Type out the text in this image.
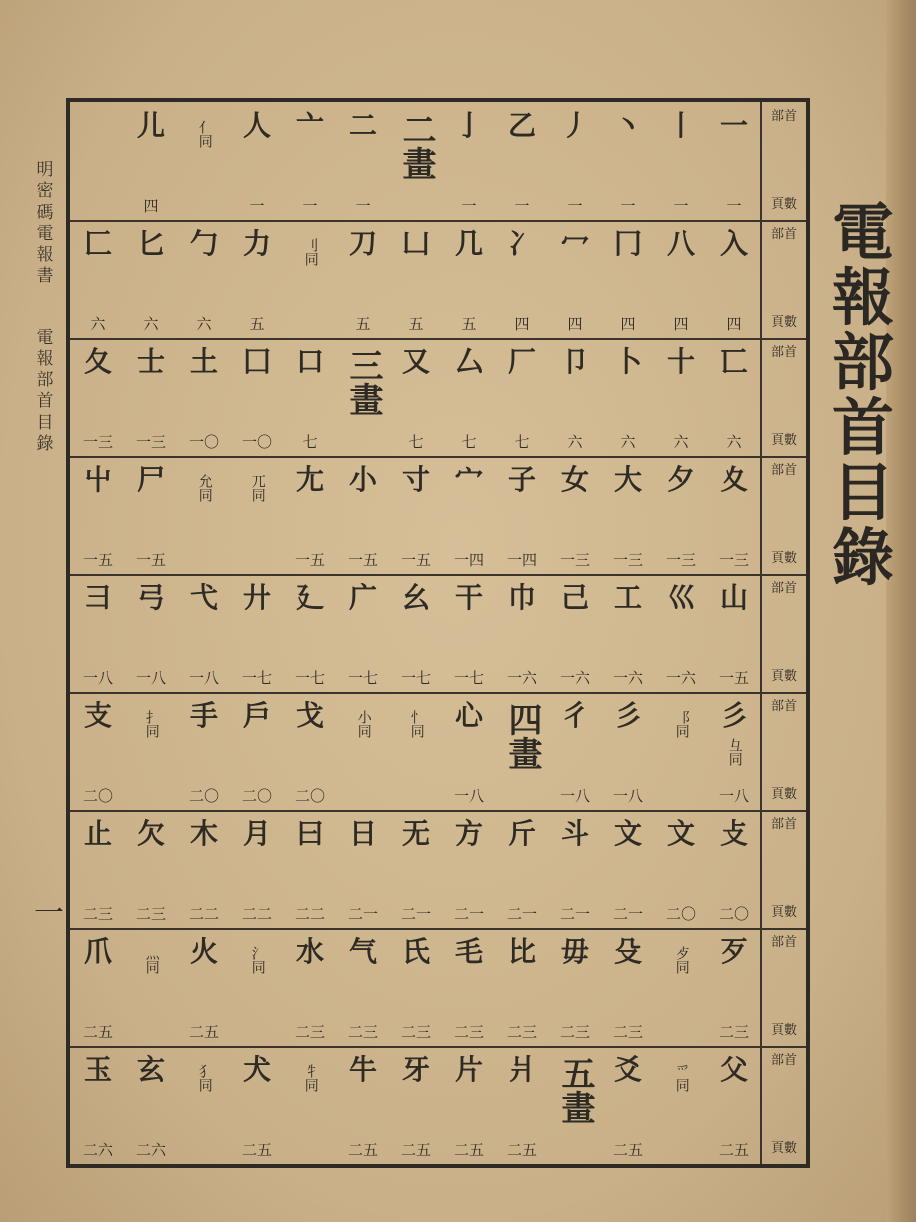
電
報
部
首
目
錄
明
密
碼
電
報
書
電
報
部
首
目
錄
一
部首
頁數
一
一
丨
一
丶
一
丿
一
乙
一
亅
一
二畫
二
一
亠
一
人
一
亻同
儿
四
部首
頁數
入
四
八
四
冂
四
冖
四
冫
四
几
五
凵
五
刀
五
刂同
力
五
勹
六
匕
六
匚
六
部首
頁數
匸
六
十
六
卜
六
卩
六
厂
七
厶
七
又
七
三畫
口
七
囗
一〇
土
一〇
士
一三
夂
一三
部首
頁數
夊
一三
夕
一三
大
一三
女
一三
子
一四
宀
一四
寸
一五
小
一五
尢
一五
兀同
允同
尸
一五
屮
一五
部首
頁數
山
一五
巛
一六
工
一六
己
一六
巾
一六
干
一七
幺
一七
广
一七
廴
一七
廾
一七
弋
一八
弓
一八
彐
一八
部首
頁數
彡
彑同
一八
⻏同
彡
一八
彳
一八
四畫
心
一八
忄同
小同
戈
二〇
戶
二〇
手
二〇
扌同
支
二〇
部首
頁數
攴
二〇
文
二〇
文
二一
斗
二一
斤
二一
方
二一
无
二一
日
二一
曰
二二
月
二二
木
二二
欠
二三
止
二三
部首
頁數
歹
二三
歺同
殳
二三
毋
二三
比
二三
毛
二三
氏
二三
气
二三
水
二三
氵同
火
二五
灬同
爪
二五
部首
頁數
父
二五
爫同
爻
二五
五畫
爿
二五
片
二五
牙
二五
牛
二五
牜同
犬
二五
犭同
玄
二六
玉
二六
